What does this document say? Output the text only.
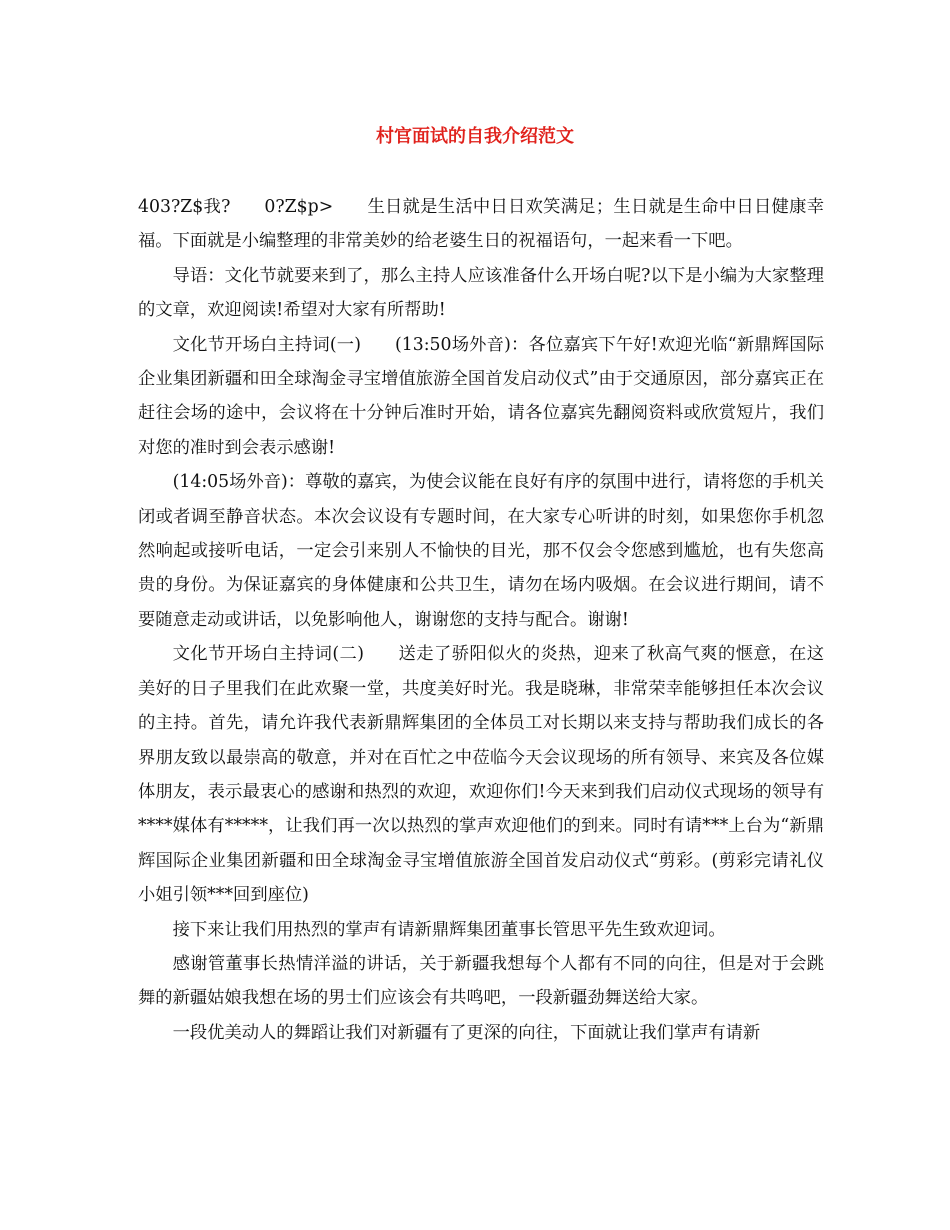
村官面试的自我介绍范文

403?Z$我? 0?Z$p> 生日就是生活中日日欢笑满足；生日就是生命中日日健康幸福。下面就是小编整理的非常美妙的给老婆生日的祝福语句，一起来看一下吧。

导语：文化节就要来到了，那么主持人应该准备什么开场白呢?以下是小编为大家整理的文章，欢迎阅读!希望对大家有所帮助!

文化节开场白主持词(一) (13:50场外音)：各位嘉宾下午好!欢迎光临“新鼎辉国际企业集团新疆和田全球淘金寻宝增值旅游全国首发启动仪式”由于交通原因，部分嘉宾正在赶往会场的途中，会议将在十分钟后准时开始，请各位嘉宾先翻阅资料或欣赏短片，我们对您的准时到会表示感谢!

(14:05场外音)：尊敬的嘉宾，为使会议能在良好有序的氛围中进行，请将您的手机关闭或者调至静音状态。本次会议设有专题时间，在大家专心听讲的时刻，如果您你手机忽然响起或接听电话，一定会引来别人不愉快的目光，那不仅会令您感到尴尬，也有失您高贵的身份。为保证嘉宾的身体健康和公共卫生，请勿在场内吸烟。在会议进行期间，请不要随意走动或讲话，以免影响他人，谢谢您的支持与配合。谢谢!

文化节开场白主持词(二) 送走了骄阳似火的炎热，迎来了秋高气爽的惬意，在这美好的日子里我们在此欢聚一堂，共度美好时光。我是晓琳，非常荣幸能够担任本次会议的主持。首先，请允许我代表新鼎辉集团的全体员工对长期以来支持与帮助我们成长的各界朋友致以最崇高的敬意，并对在百忙之中莅临今天会议现场的所有领导、来宾及各位媒体朋友，表示最衷心的感谢和热烈的欢迎，欢迎你们!今天来到我们启动仪式现场的领导有****媒体有*****，让我们再一次以热烈的掌声欢迎他们的到来。同时有请***上台为“新鼎辉国际企业集团新疆和田全球淘金寻宝增值旅游全国首发启动仪式“剪彩。(剪彩完请礼仪小姐引领***回到座位)

接下来让我们用热烈的掌声有请新鼎辉集团董事长管思平先生致欢迎词。

感谢管董事长热情洋溢的讲话，关于新疆我想每个人都有不同的向往，但是对于会跳舞的新疆姑娘我想在场的男士们应该会有共鸣吧，一段新疆劲舞送给大家。

一段优美动人的舞蹈让我们对新疆有了更深的向往，下面就让我们掌声有请新
